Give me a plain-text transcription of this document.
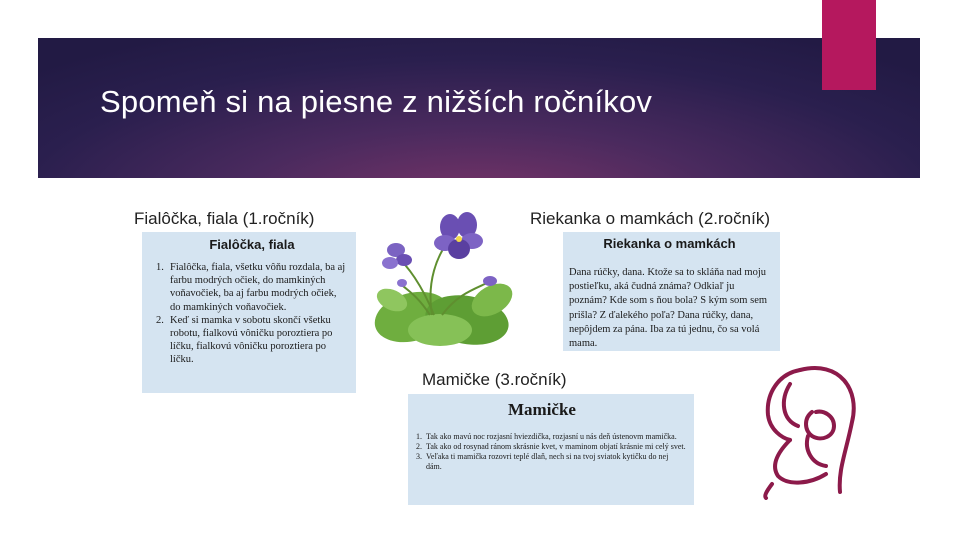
Spomeň si na piesne z nižších ročníkov
Fialôčka, fiala (1.ročník)
Fialôčka, fiala
1. Fialôčka, fiala, všetku vôňu rozdala, ba aj farbu modrých očiek, do mamkiných voňavočiek, ba aj farbu modrých očiek, do mamkiných voňavočiek.
2. Keď si mamka v sobotu skončí všetku robotu, fialkovú vôničku poroztiera po líčku, fialkovú vôničku poroztiera po líčku.
Riekanka o mamkách (2.ročník)
Riekanka o mamkách

Dana rúčky, dana. Ktože sa to skláňa nad moju postieľku, aká čudná známa? Odkiaľ ju poznám? Kde som s ňou bola? S kým som sem prišla? Z ďalekého poľa? Dana rúčky, dana, nepôjdem za pána. Iba za tú jednu, čo sa volá mama.

Mamičke (3.ročník)
Mamičke
1. Tak ako mavú noc rozjasní hviezdička, rozjasní u nás deň ústenovm mamička.
2. Tak ako od rosynad ránom skrásnie kvet, v maminom objatí krásnie mi celý svet.
3. Veľaka ti mamička rozovri teplé dlaň, nech si na tvoj sviatok kytičku do nej dám.
